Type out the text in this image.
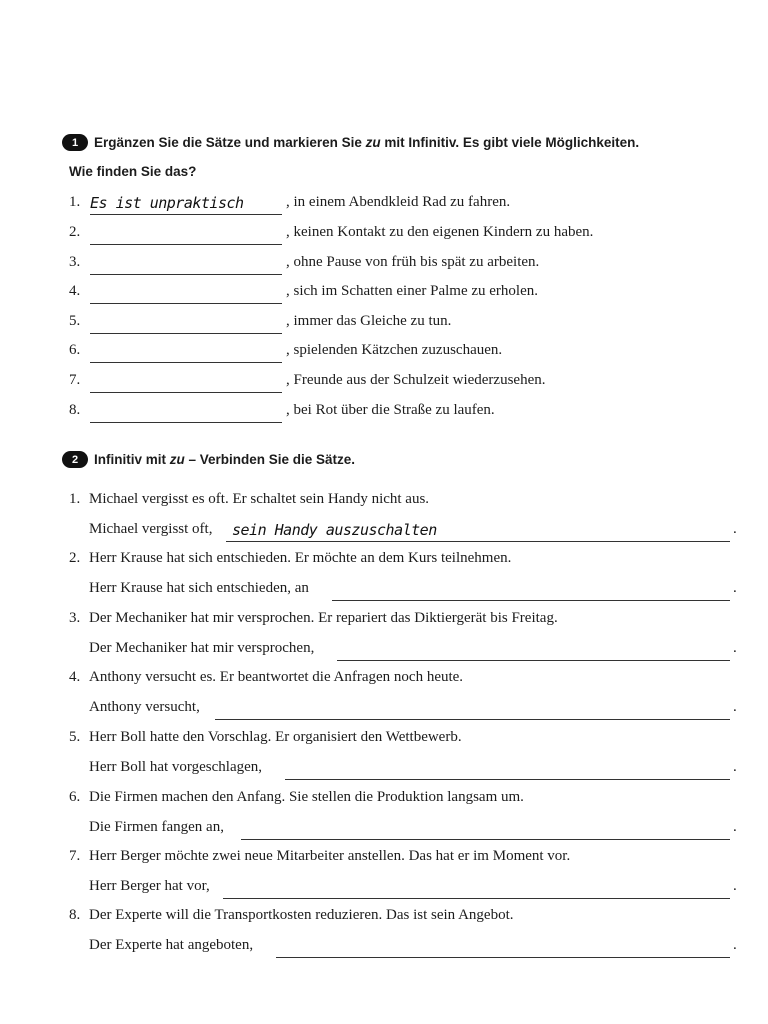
1	Ergänzen Sie die Sätze und markieren Sie zu mit Infinitiv. Es gibt viele Möglichkeiten.
Wie finden Sie das?
1. Es ist unpraktisch	, in einem Abendkleid Rad zu fahren.
2.	, keinen Kontakt zu den eigenen Kindern zu haben.
3.	, ohne Pause von früh bis spät zu arbeiten.
4.	, sich im Schatten einer Palme zu erholen.
5.	, immer das Gleiche zu tun.
6.	, spielenden Kätzchen zuzuschauen.
7.	, Freunde aus der Schulzeit wiederzusehen.
8.	, bei Rot über die Straße zu laufen.
2	Infinitiv mit zu – Verbinden Sie die Sätze.
1. Michael vergisst es oft. Er schaltet sein Handy nicht aus.
Michael vergisst oft,	sein Handy auszuschalten	.
2. Herr Krause hat sich entschieden. Er möchte an dem Kurs teilnehmen.
Herr Krause hat sich entschieden, an	.
3. Der Mechaniker hat mir versprochen. Er repariert das Diktiergerät bis Freitag.
Der Mechaniker hat mir versprochen,	.
4. Anthony versucht es. Er beantwortet die Anfragen noch heute.
Anthony versucht,	.
5. Herr Boll hatte den Vorschlag. Er organisiert den Wettbewerb.
Herr Boll hat vorgeschlagen,	.
6. Die Firmen machen den Anfang. Sie stellen die Produktion langsam um.
Die Firmen fangen an,	.
7. Herr Berger möchte zwei neue Mitarbeiter anstellen. Das hat er im Moment vor.
Herr Berger hat vor,	.
8. Der Experte will die Transportkosten reduzieren. Das ist sein Angebot.
Der Experte hat angeboten,	.
